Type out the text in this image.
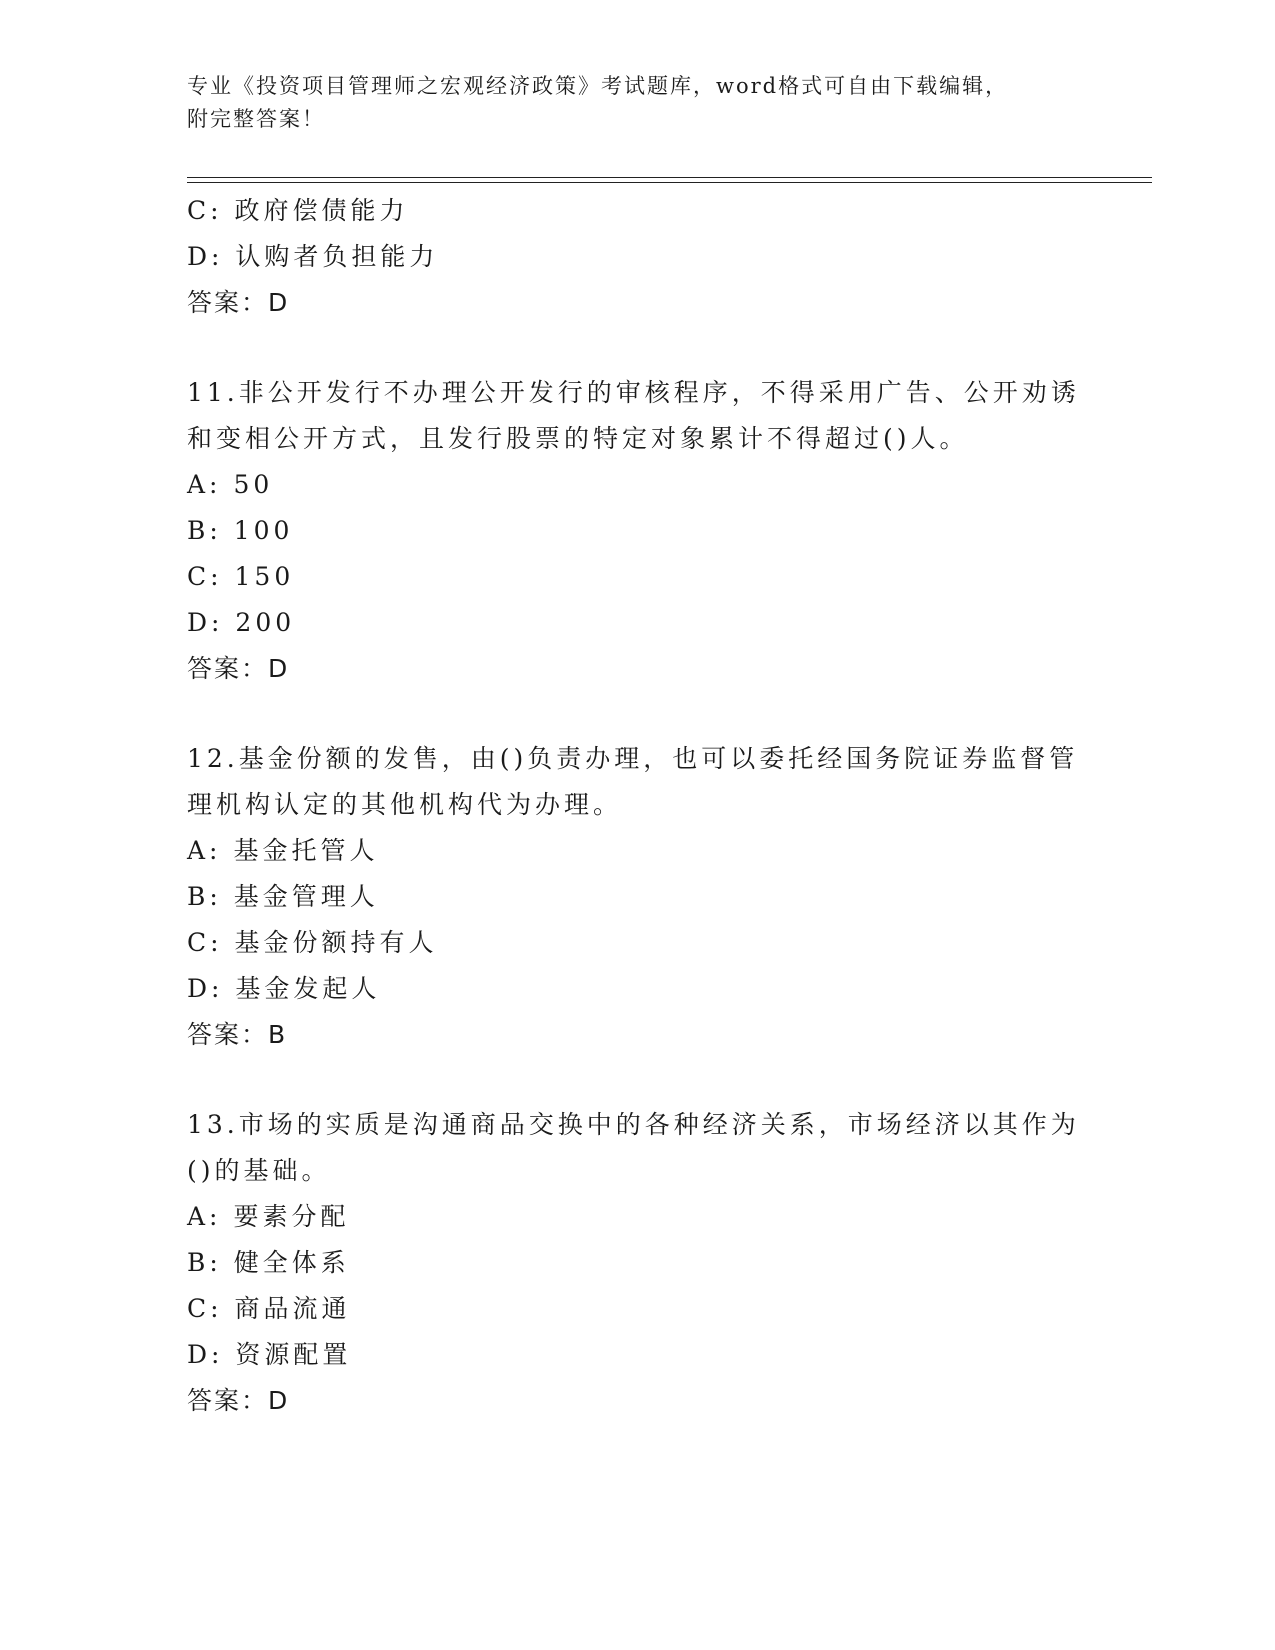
专业《投资项目管理师之宏观经济政策》考试题库，word格式可自由下载编辑，
附完整答案！
C: 政府偿债能力
D: 认购者负担能力
答案：D
11.非公开发行不办理公开发行的审核程序，不得采用广告、公开劝诱
和变相公开方式，且发行股票的特定对象累计不得超过()人。
A: 50
B: 100
C: 150
D: 200
答案：D
12.基金份额的发售，由()负责办理，也可以委托经国务院证券监督管
理机构认定的其他机构代为办理。
A: 基金托管人
B: 基金管理人
C: 基金份额持有人
D: 基金发起人
答案：B
13.市场的实质是沟通商品交换中的各种经济关系，市场经济以其作为
()的基础。
A: 要素分配
B: 健全体系
C: 商品流通
D: 资源配置
答案：D
